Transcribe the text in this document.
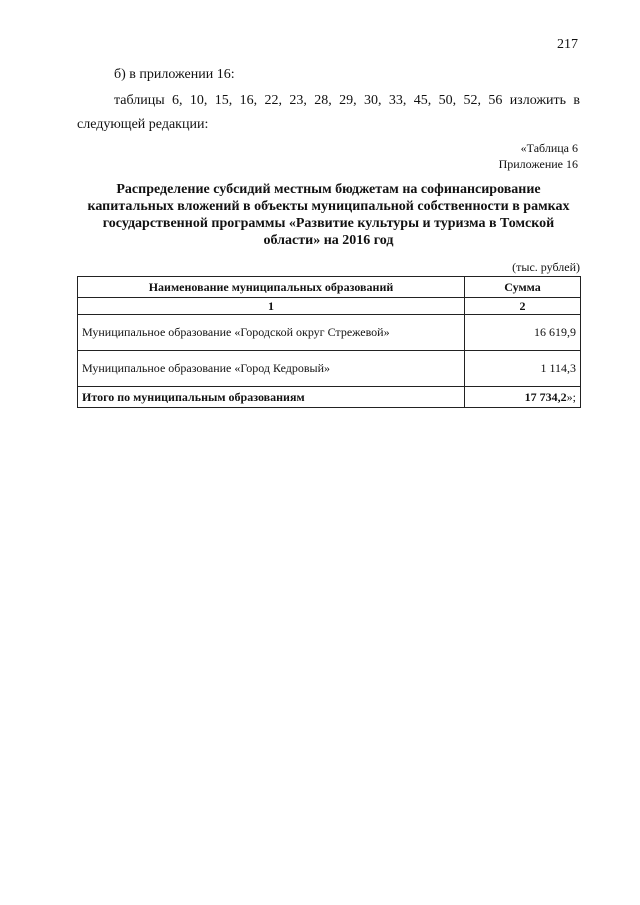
217
б) в приложении 16:
таблицы 6, 10, 15, 16, 22, 23, 28, 29, 30, 33, 45, 50, 52, 56 изложить в
следующей редакции:
«Таблица 6
Приложение 16
Распределение субсидий местным бюджетам на софинансирование
капитальных вложений в объекты муниципальной собственности в рамках
государственной программы «Развитие культуры и туризма в Томской
области» на 2016 год
(тыс. рублей)
Наименование муниципальных образований	Сумма
1	2
Муниципальное образование «Городской округ Стрежевой»	16 619,9
Муниципальное образование «Город Кедровый»	1 114,3
Итого по муниципальным образованиям	17 734,2»;
